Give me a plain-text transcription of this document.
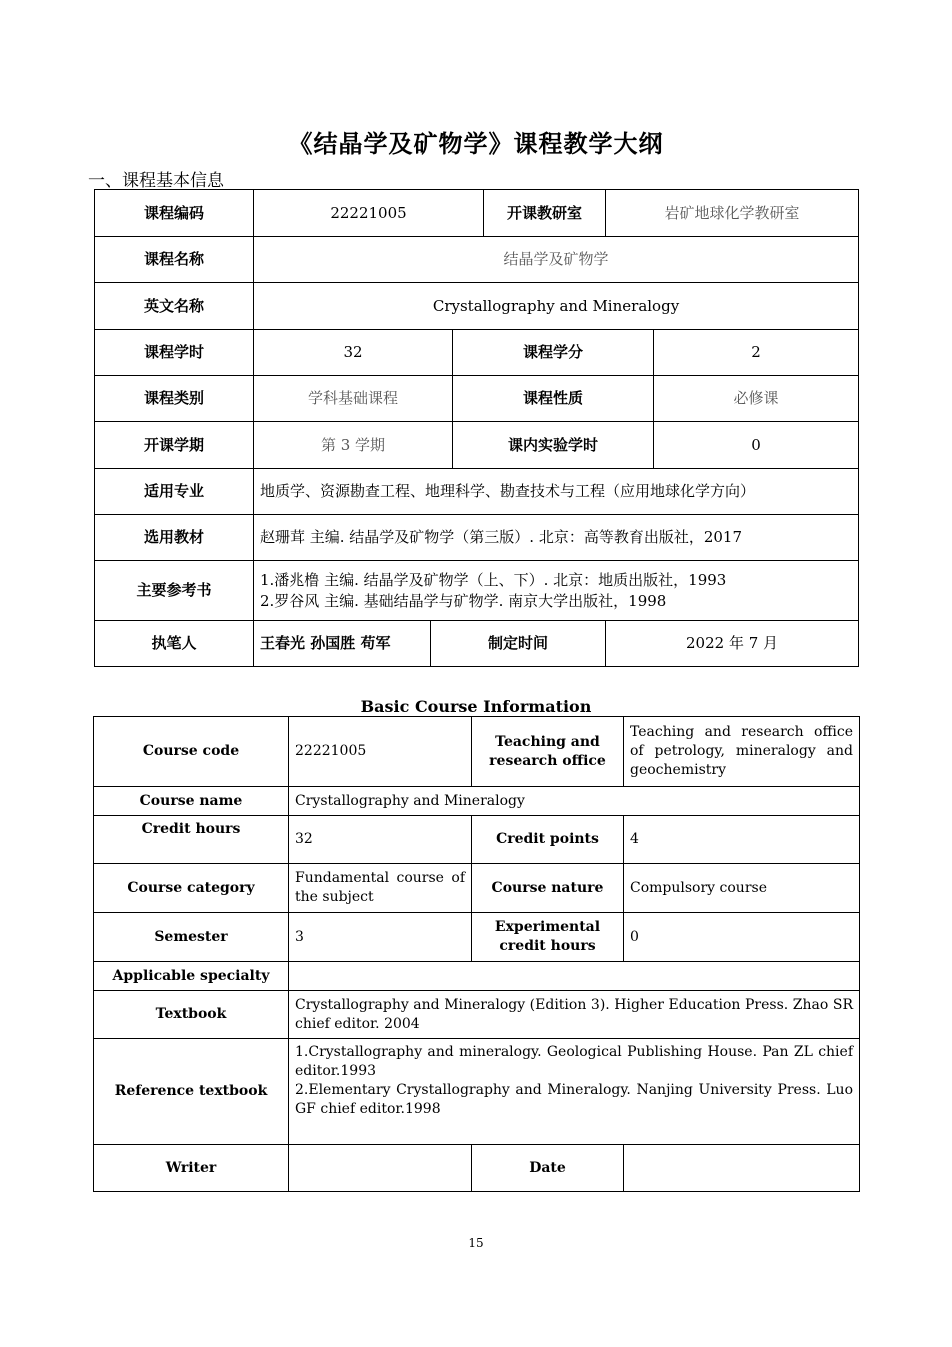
《结晶学及矿物学》课程教学大纲
一、课程基本信息
课程编码	22221005			开课教研室	岩矿地球化学教研室	
课程名称	结晶学及矿物学					
英文名称	Crystallography and Mineralogy					
课程学时	32		课程学分			2
课程类别	学科基础课程		课程性质			必修课
开课学期	第 3 学期		课内实验学时			0
适用专业	地质学、资源勘查工程、地理科学、勘查技术与工程（应用地球化学方向）					
选用教材	赵珊茸 主编. 结晶学及矿物学（第三版）. 北京：高等教育出版社，2017					
主要参考书	1.潘兆橹 主编. 结晶学及矿物学（上、下）. 北京：地质出版社，1993
2.罗谷风 主编. 基础结晶学与矿物学. 南京大学出版社，1998					

执笔人	王春光 孙国胜 苟军	制定时间			2022 年 7 月	
Basic Course Information
Course code	22221005	Teaching and research office	Teaching and research office of petrology, mineralogy and geochemistry
Course name	Crystallography and Mineralogy		
Credit hours	32	Credit points	4
Course category	Fundamental course of the subject	Course nature	Compulsory course
Semester	3	Experimental credit hours	0
Applicable specialty			
Textbook	Crystallography and Mineralogy (Edition 3). Higher Education Press. Zhao SR chief editor. 2004		
Reference textbook	1.Crystallography and mineralogy. Geological Publishing House. Pan ZL chief editor.1993
2.Elementary Crystallography and Mineralogy. Nanjing University Press. Luo GF chief editor.1998		

Writer		Date	
15
